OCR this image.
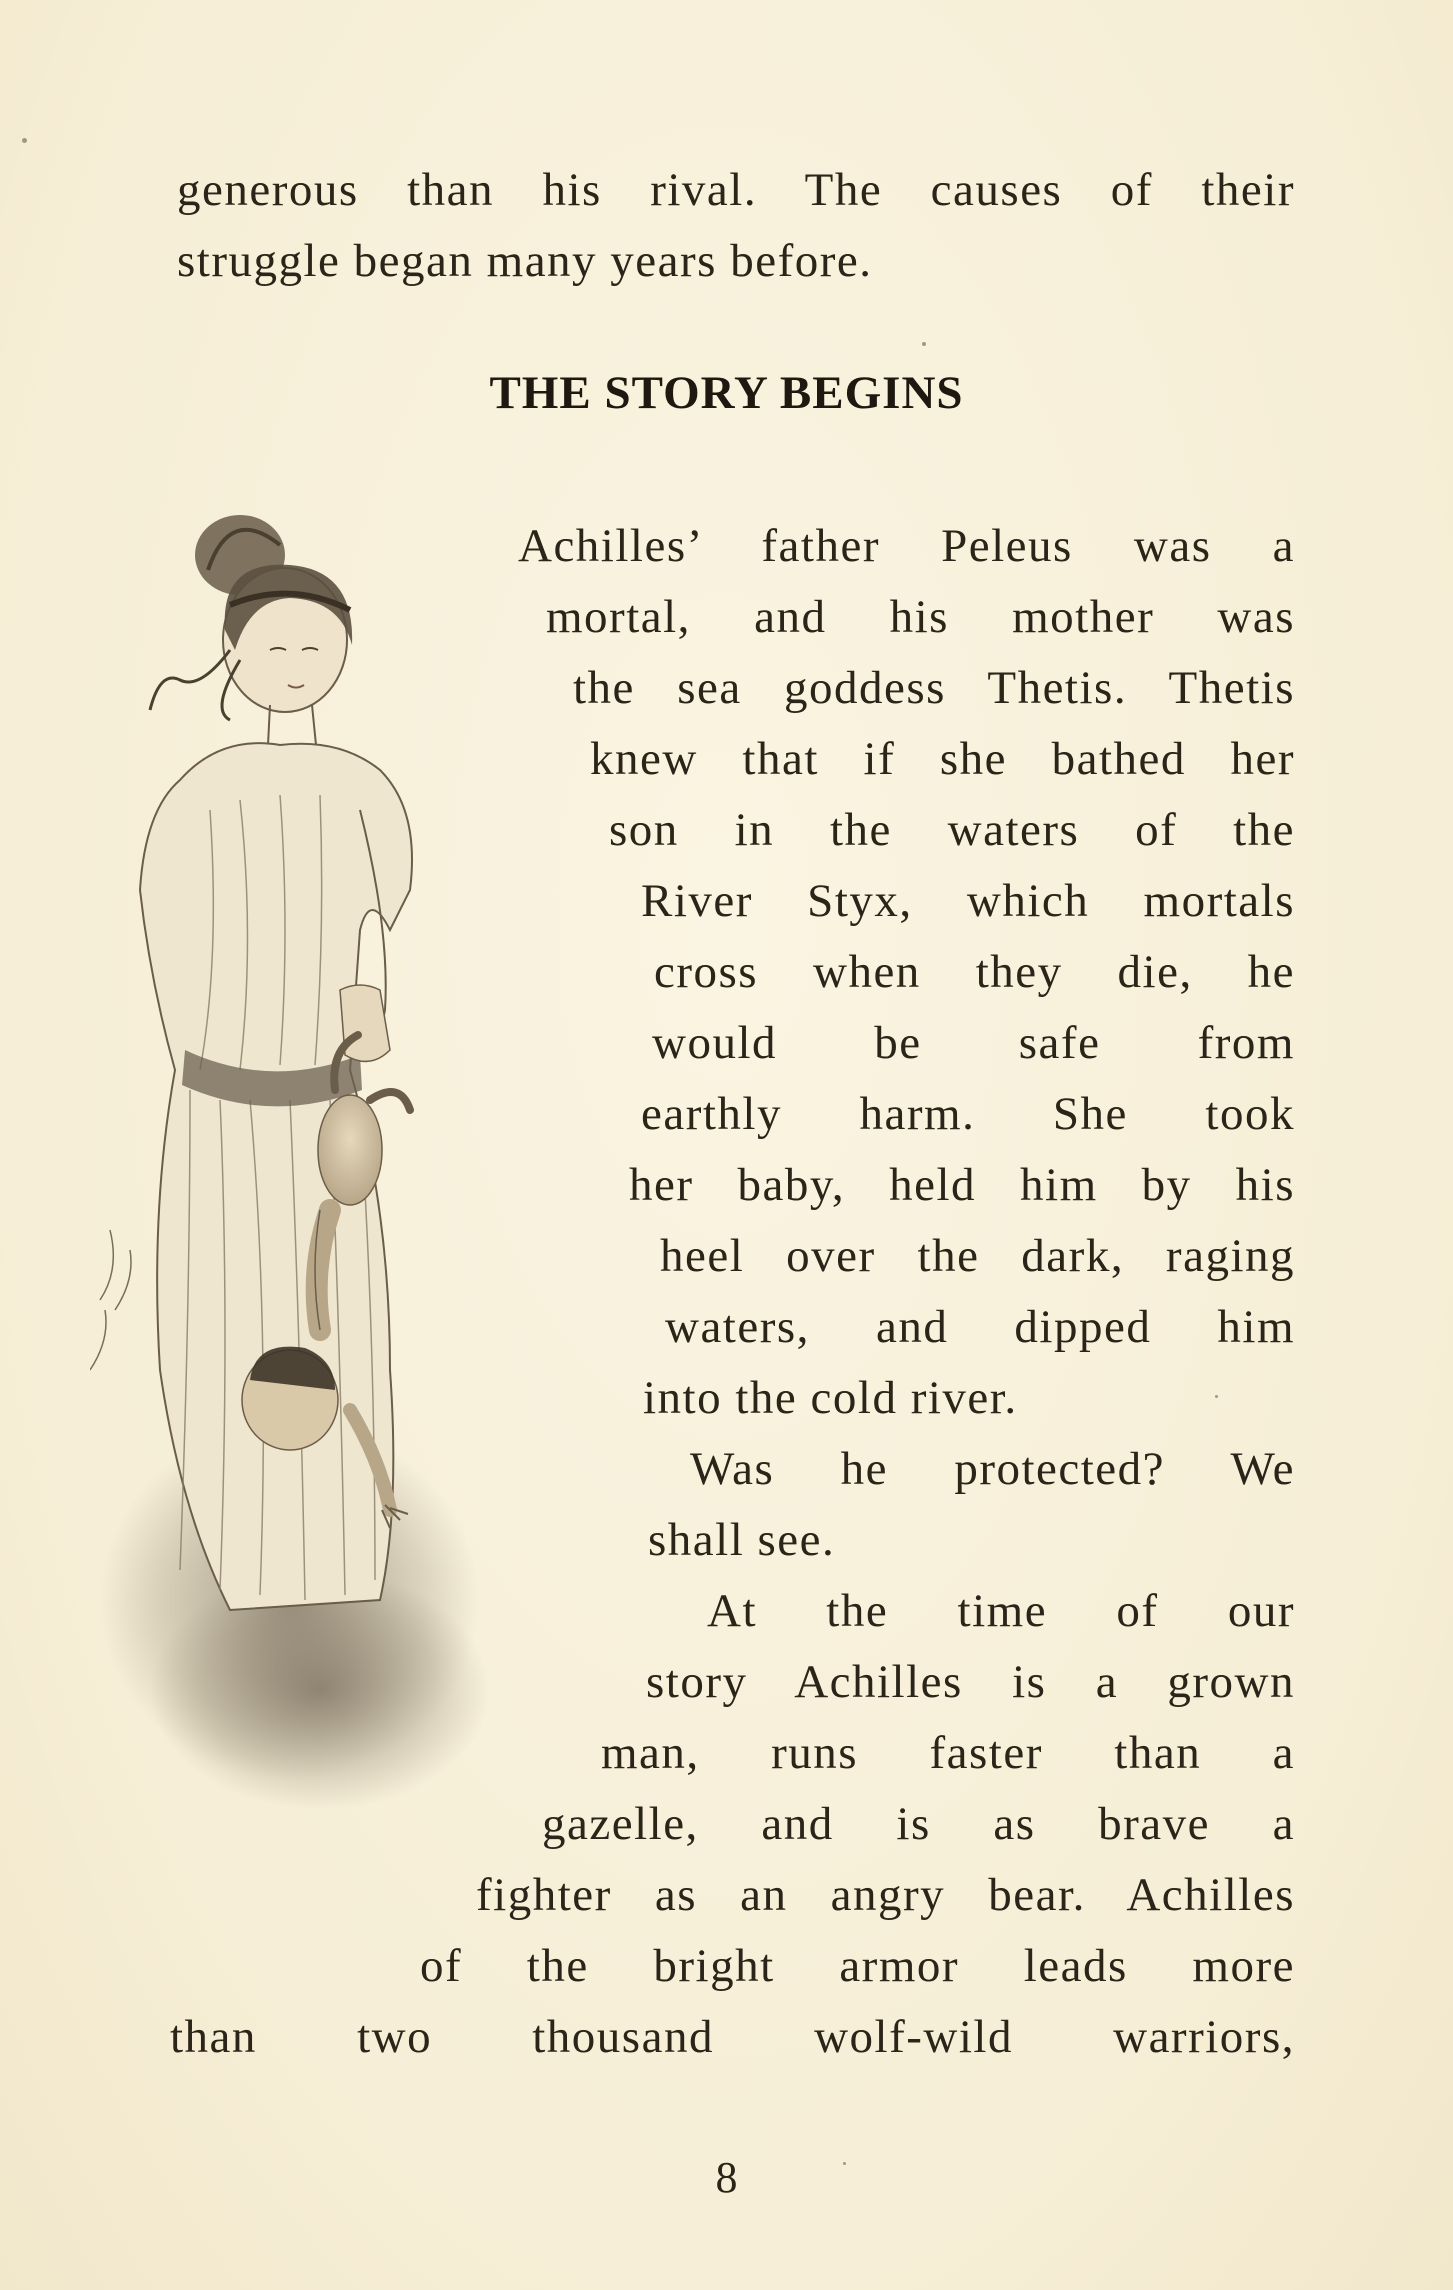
generous than his rival. The causes of their
struggle began many years before.
THE STORY BEGINS
Achilles’ father Peleus was a
mortal, and his mother was
the sea goddess Thetis. Thetis
knew that if she bathed her
son in the waters of the
River Styx, which mortals
cross when they die, he
would be safe from
earthly harm. She took
her baby, held him by his
heel over the dark, raging
waters, and dipped him
into the cold river.
Was he protected? We
shall see.
At the time of our
story Achilles is a grown
man, runs faster than a
gazelle, and is as brave a
fighter as an angry bear. Achilles
of the bright armor leads more
than two thousand wolf-wild warriors,
8
